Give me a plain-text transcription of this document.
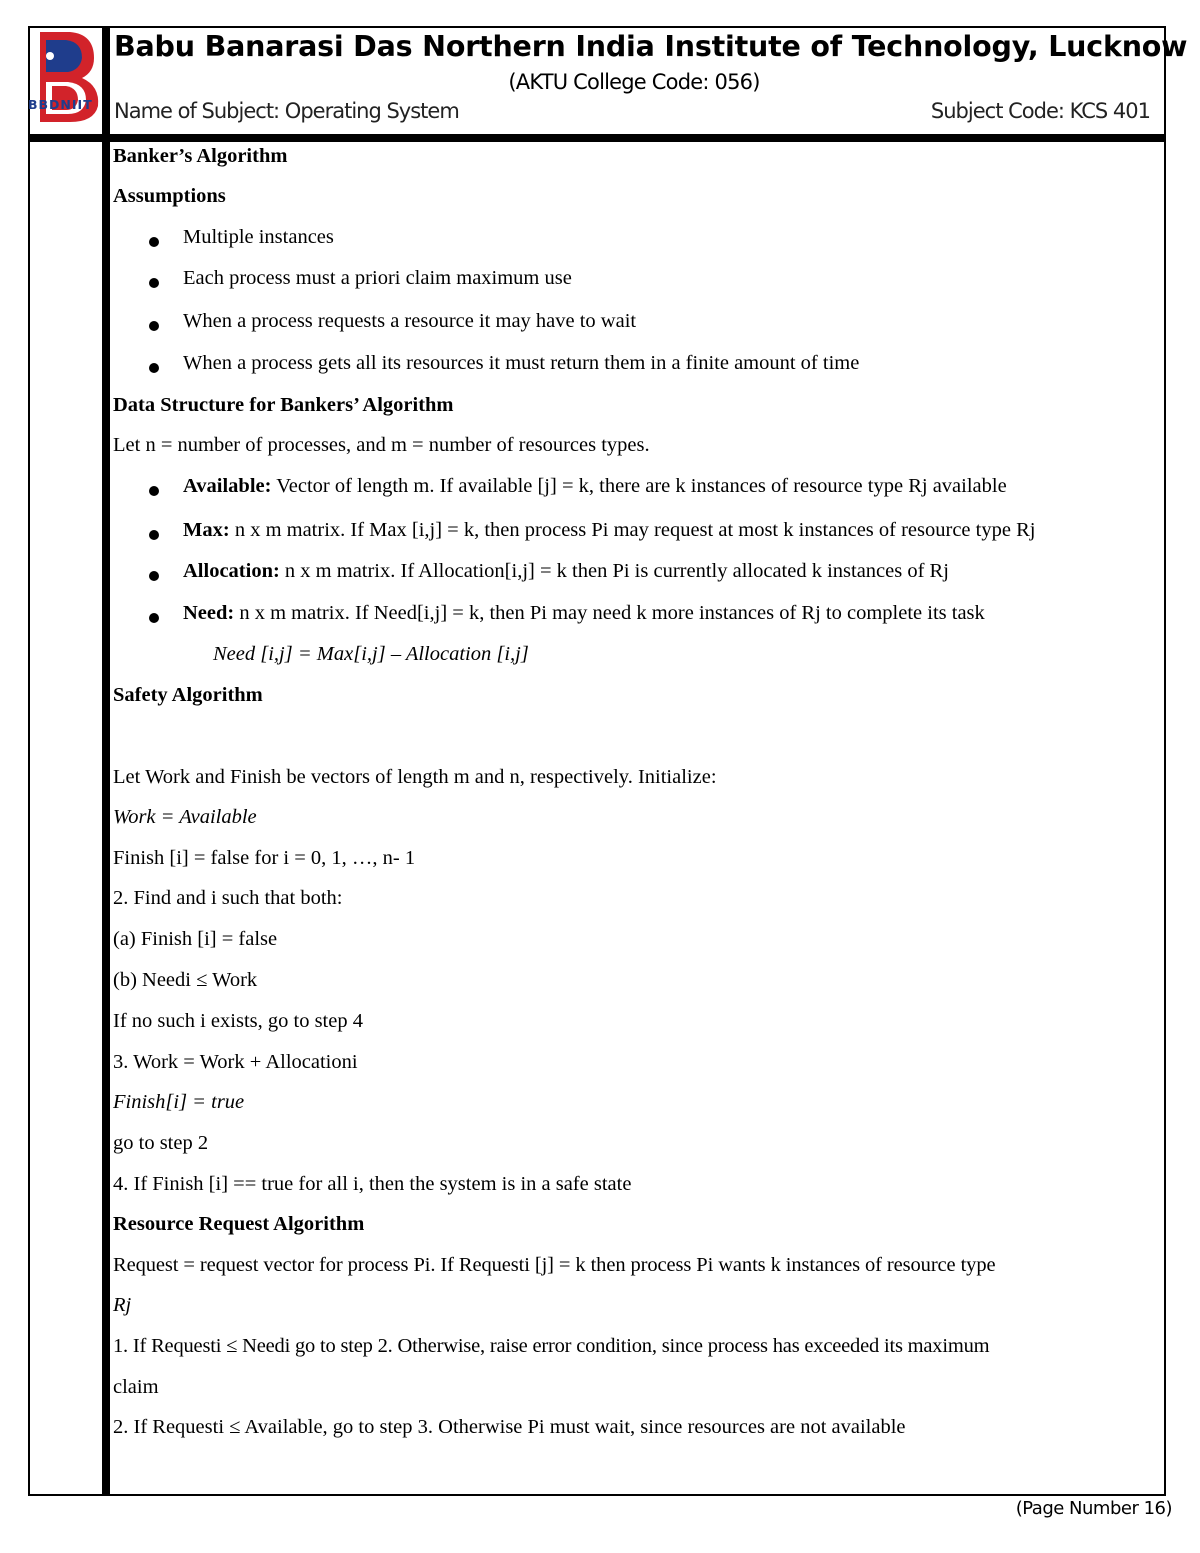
BBDNIIT
Babu Banarasi Das Northern India Institute of Technology, Lucknow
(AKTU College Code: 056)
Name of Subject: Operating System	Subject Code: KCS 401
Banker’s Algorithm
Assumptions
Multiple instances
Each process must a priori claim maximum use
When a process requests a resource it may have to wait
When a process gets all its resources it must return them in a finite amount of time
Data Structure for Bankers’ Algorithm
Let n = number of processes, and m = number of resources types.
Available: Vector of length m. If available [j] = k, there are k instances of resource type Rj available
Max: n x m matrix. If Max [i,j] = k, then process Pi may request at most k instances of resource type Rj
Allocation: n x m matrix. If Allocation[i,j] = k then Pi is currently allocated k instances of Rj
Need: n x m matrix. If Need[i,j] = k, then Pi may need k more instances of Rj to complete its task
Need [i,j] = Max[i,j] – Allocation [i,j]
Safety Algorithm
Let Work and Finish be vectors of length m and n, respectively. Initialize:
Work = Available
Finish [i] = false for i = 0, 1, …, n- 1
2. Find and i such that both:
(a) Finish [i] = false
(b) Needi ≤ Work
If no such i exists, go to step 4
3. Work = Work + Allocationi
Finish[i] = true
go to step 2
4. If Finish [i] == true for all i, then the system is in a safe state
Resource Request Algorithm
Request = request vector for process Pi. If Requesti [j] = k then process Pi wants k instances of resource type
Rj
1. If Requesti ≤ Needi go to step 2. Otherwise, raise error condition, since process has exceeded its maximum
claim
2. If Requesti ≤ Available, go to step 3. Otherwise Pi must wait, since resources are not available
(Page Number 16)
